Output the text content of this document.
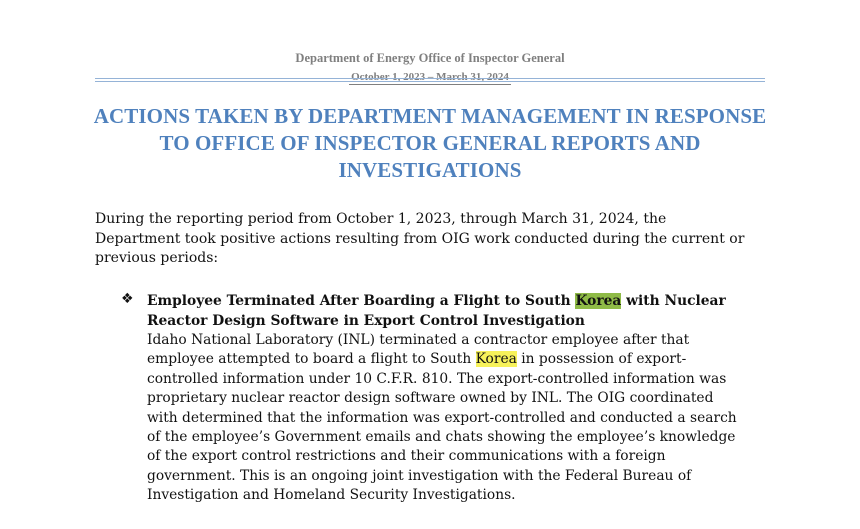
Department of Energy Office of Inspector General
October 1, 2023 – March 31, 2024
ACTIONS TAKEN BY DEPARTMENT MANAGEMENT IN RESPONSE
TO OFFICE OF INSPECTOR GENERAL REPORTS AND
INVESTIGATIONS
During the reporting period from October 1, 2023, through March 31, 2024, the
Department took positive actions resulting from OIG work conducted during the current or
previous periods:
❖ Employee Terminated After Boarding a Flight to South Korea with Nuclear
Reactor Design Software in Export Control Investigation
Idaho National Laboratory (INL) terminated a contractor employee after that
employee attempted to board a flight to South Korea in possession of export-
controlled information under 10 C.F.R. 810. The export-controlled information was
proprietary nuclear reactor design software owned by INL. The OIG coordinated
with determined that the information was export-controlled and conducted a search
of the employee’s Government emails and chats showing the employee’s knowledge
of the export control restrictions and their communications with a foreign
government. This is an ongoing joint investigation with the Federal Bureau of
Investigation and Homeland Security Investigations.
